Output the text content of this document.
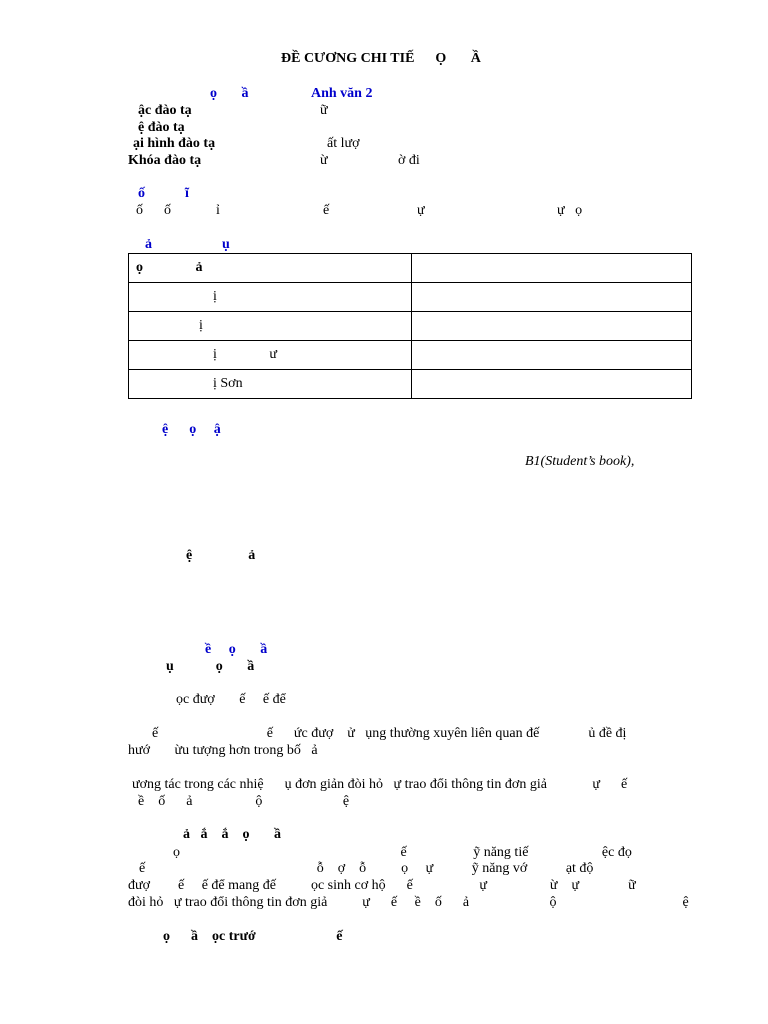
ĐỀ CƯƠNG CHI TIẾ      Ọ       Ầ
ọ       ầ	Anh văn 2
ậc đào tạ	ữ
ệ đào tạ
ại hình đào tạ	ất lượ
Khóa đào tạ	ừ	ờ đi
ố	ĩ
ố      ố	ỉ	ế	ự	ự   ọ
ả	ụ
ọ               ả	
ị	
ị	
ị               ư	
ị Sơn	
ệ      ọ     ậ
B1(Student’s book),
ệ                ả
ề     ọ       ầ
ụ            ọ       ầ
ọc đượ       ế     ế để
ế                               ế      ức đượ    ử   ụng thường xuyên liên quan đế              ủ đề đị
hướ       ừu tượng hơn trong bố   ả
ương tác trong các nhiệ      ụ đơn giản đòi hỏ   ự trao đổi thông tin đơn giả             ự      ế
ề    ố      ả                  ộ                       ệ
ả   ắ    ắ    ọ       ầ
ọ                                                               ế                   ỹ năng tiế                     ệc đọ
ế                                                 ỗ    ợ    ỗ          ọ     ự           ỹ năng vớ           ạt độ
đượ        ế     ế để mang đế          ọc sinh cơ hộ      ế                   ự                  ừ    ự              ữ
đòi hỏ   ự trao đổi thông tin đơn giả          ự      ế     ề    ố      ả                       ộ                                    ệ
ọ      ầ    ọc trướ                       ế
